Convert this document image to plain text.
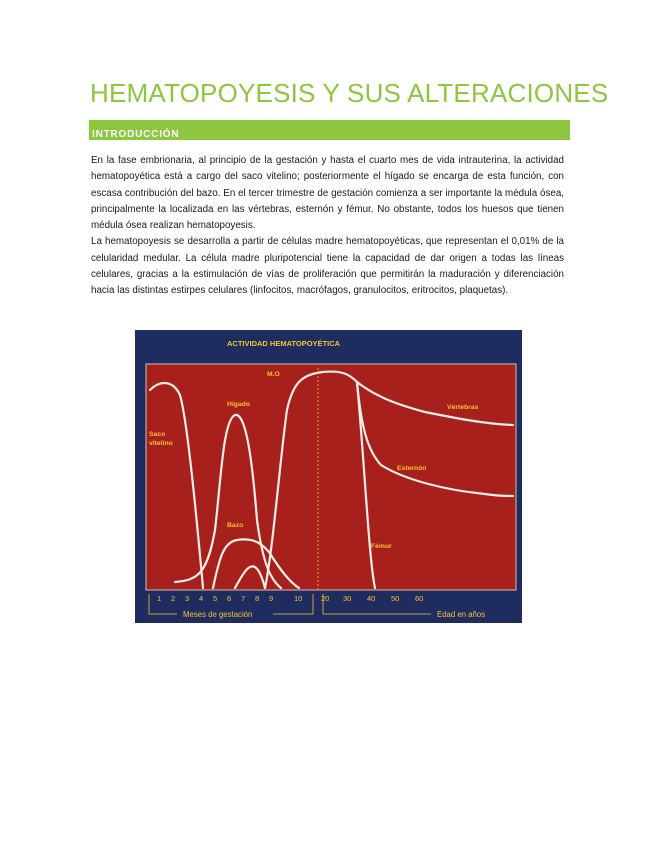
HEMATOPOYESIS Y SUS ALTERACIONES
INTRODUCCIÓN

En la fase embrionaria, al principio de la gestación y hasta el cuarto mes de vida intrauterina, la actividad hematopoyética está a cargo del saco vitelino; posteriormente el hígado se encarga de esta función, con escasa contribución del bazo. En el tercer trimestre de gestación comienza a ser importante la médula ósea, principalmente la localizada en las vértebras, esternón y fémur. No obstante, todos los huesos que tienen médula ósea realizan hematopoyesis.

La hematopoyesis se desarrolla a partir de células madre hematopoyéticas, que representan el 0,01% de la celularidad medular. La célula madre pluripotencial tiene la capacidad de dar origen a todas las líneas celulares, gracias a la estimulación de vías de proliferación que permitirán la maduración y diferenciación hacia las distintas estirpes celulares (linfocitos, macrófagos, granulocitos, eritrocitos, plaquetas).

ACTIVIDAD HEMATOPOYÉTICA
Saco vitelino
Hígado
Bazo
M.O
Vértebras
Esternón
Fémur
1 2 3 4 5 6 7 8 9	10 20 30 40 50 60
Meses de gestación	Edad en años
